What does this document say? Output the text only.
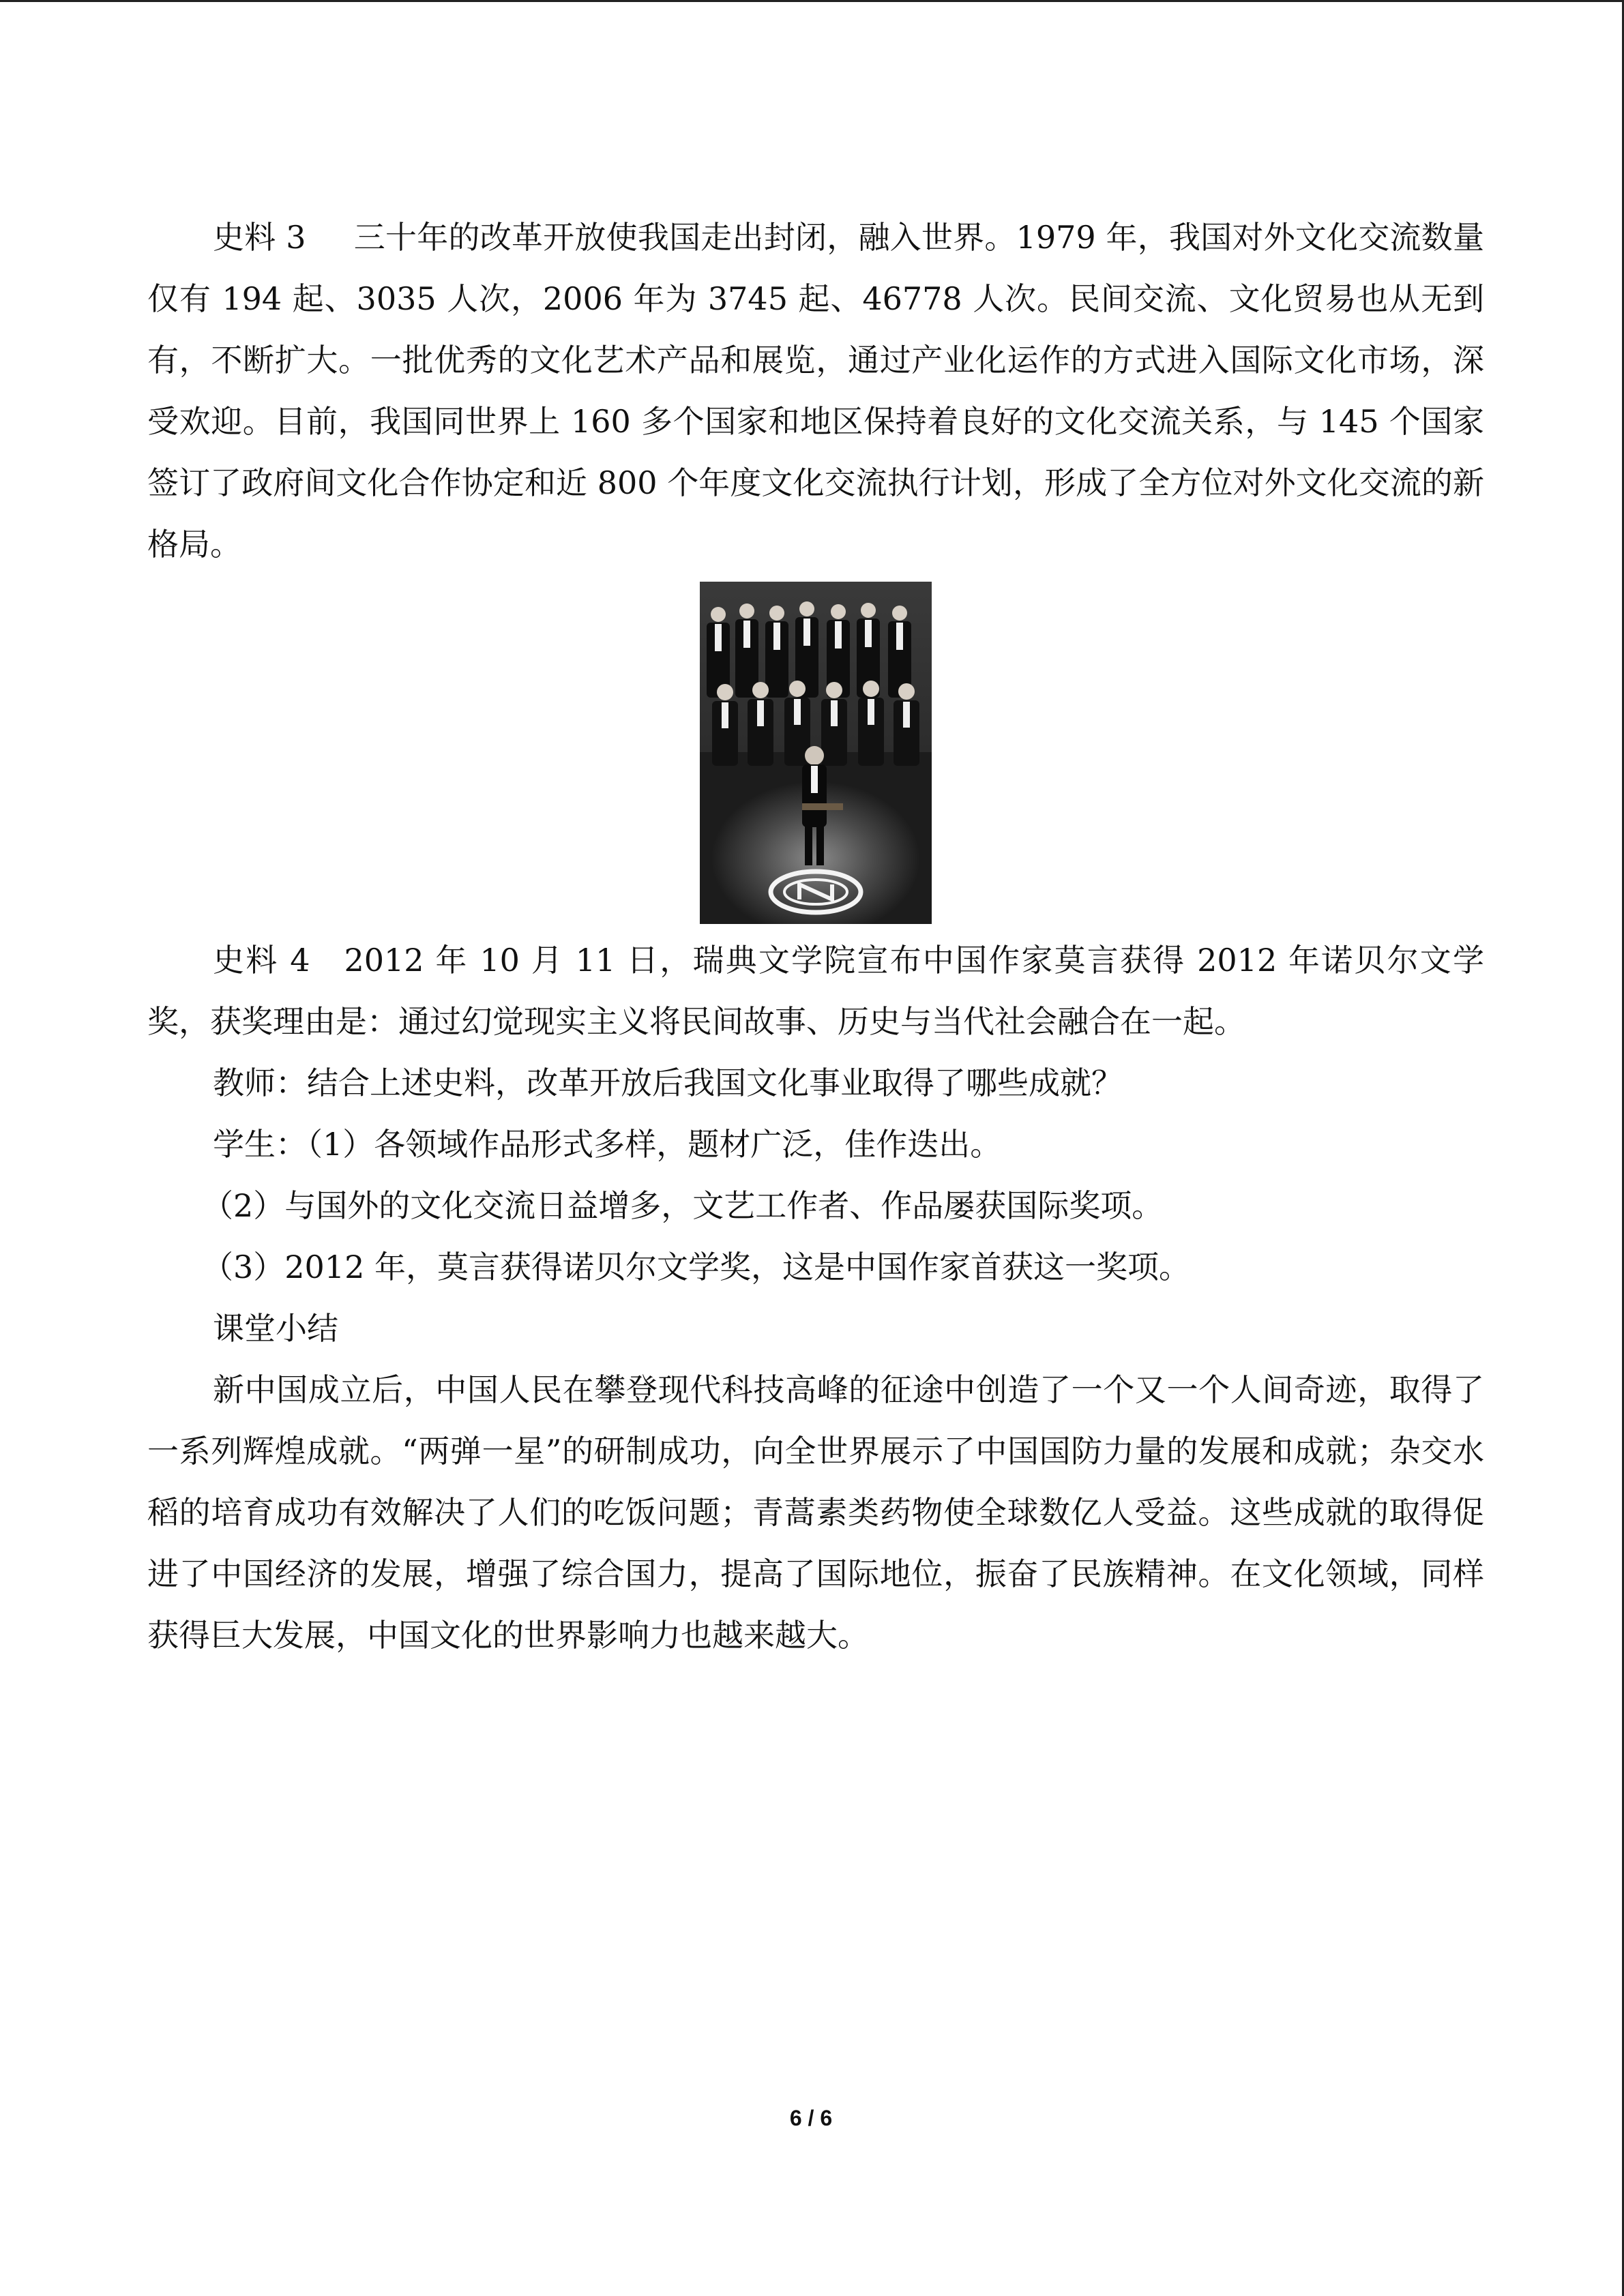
史料 3 三十年的改革开放使我国走出封闭，融入世界。1979 年，我国对外文化交流数量仅有 194 起、3035 人次，2006 年为 3745 起、46778 人次。民间交流、文化贸易也从无到有，不断扩大。一批优秀的文化艺术产品和展览，通过产业化运作的方式进入国际文化市场，深受欢迎。目前，我国同世界上 160 多个国家和地区保持着良好的文化交流关系，与 145 个国家签订了政府间文化合作协定和近 800 个年度文化交流执行计划，形成了全方位对外文化交流的新格局。

史料 4 2012 年 10 月 11 日，瑞典文学院宣布中国作家莫言获得 2012 年诺贝尔文学奖，获奖理由是：通过幻觉现实主义将民间故事、历史与当代社会融合在一起。

教师：结合上述史料，改革开放后我国文化事业取得了哪些成就？

学生：（1）各领域作品形式多样，题材广泛，佳作迭出。

（2）与国外的文化交流日益增多，文艺工作者、作品屡获国际奖项。

（3）2012 年，莫言获得诺贝尔文学奖，这是中国作家首获这一奖项。

课堂小结

新中国成立后，中国人民在攀登现代科技高峰的征途中创造了一个又一个人间奇迹，取得了一系列辉煌成就。“两弹一星”的研制成功，向全世界展示了中国国防力量的发展和成就；杂交水稻的培育成功有效解决了人们的吃饭问题；青蒿素类药物使全球数亿人受益。这些成就的取得促进了中国经济的发展，增强了综合国力，提高了国际地位，振奋了民族精神。在文化领域，同样获得巨大发展，中国文化的世界影响力也越来越大。

6 / 6
